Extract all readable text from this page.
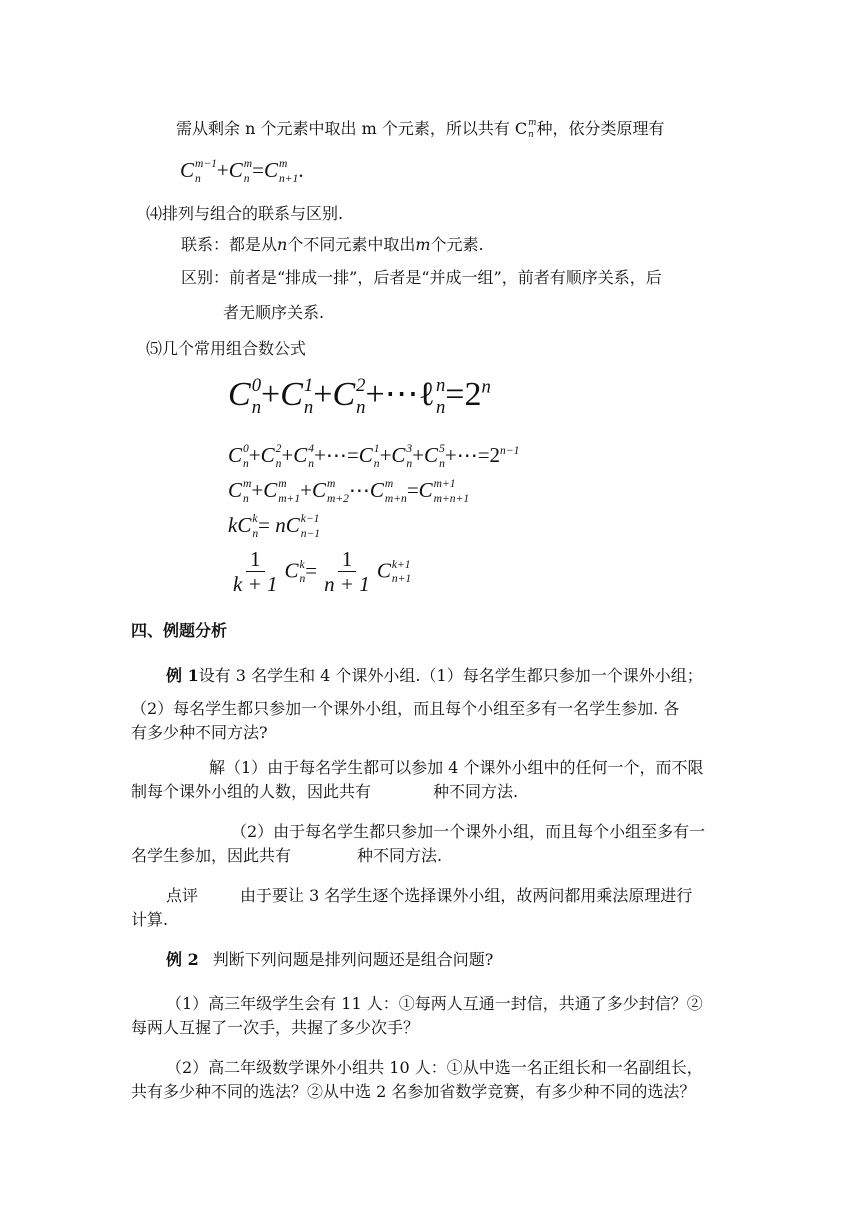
需从剩余 n 个元素中取出 m 个元素，所以共有 C m
n 种，依分类原理有
C m−1
n +C m
n =C m
n+1 .
⑷排列与组合的联系与区别.
联系：都是从n个不同元素中取出m个元素.
区别：前者是“排成一排”，后者是“并成一组”，前者有顺序关系，后
者无顺序关系.
⑸几个常用组合数公式
C 0
n +C 1
n +C 2
n +⋯ℓ n
$n =2^n$
C 0
n +C 2
n +C 4
n +⋯=C 1
n +C 3
n +C 5
$n +\cdots=2^{n-1}$
C m
n +C m
m+1 +C m
m+2 ⋯C m
m+n =C m+1
m+n+1
kC k
n = nC k−1
n−1
$\frac{1}{k + 1}$ C k
$n = \frac{1}{n + 1}$ C k+1
n+1
四、例题分析
例 1设有 3 名学生和 4 个课外小组.（1）每名学生都只参加一个课外小组；
（2）每名学生都只参加一个课外小组，而且每个小组至多有一名学生参加. 各
有多少种不同方法?
解（1）由于每名学生都可以参加 4 个课外小组中的任何一个，而不限
制每个课外小组的人数，因此共有	种不同方法.
（2）由于每名学生都只参加一个课外小组，而且每个小组至多有一
名学生参加，因此共有	种不同方法.
点评	由于要让 3 名学生逐个选择课外小组，故两问都用乘法原理进行
计算.
例 2 判断下列问题是排列问题还是组合问题?
（1）高三年级学生会有 11 人：①每两人互通一封信，共通了多少封信？②
每两人互握了一次手，共握了多少次手？
（2）高二年级数学课外小组共 10 人：①从中选一名正组长和一名副组长，
共有多少种不同的选法？②从中选 2 名参加省数学竞赛，有多少种不同的选法？
